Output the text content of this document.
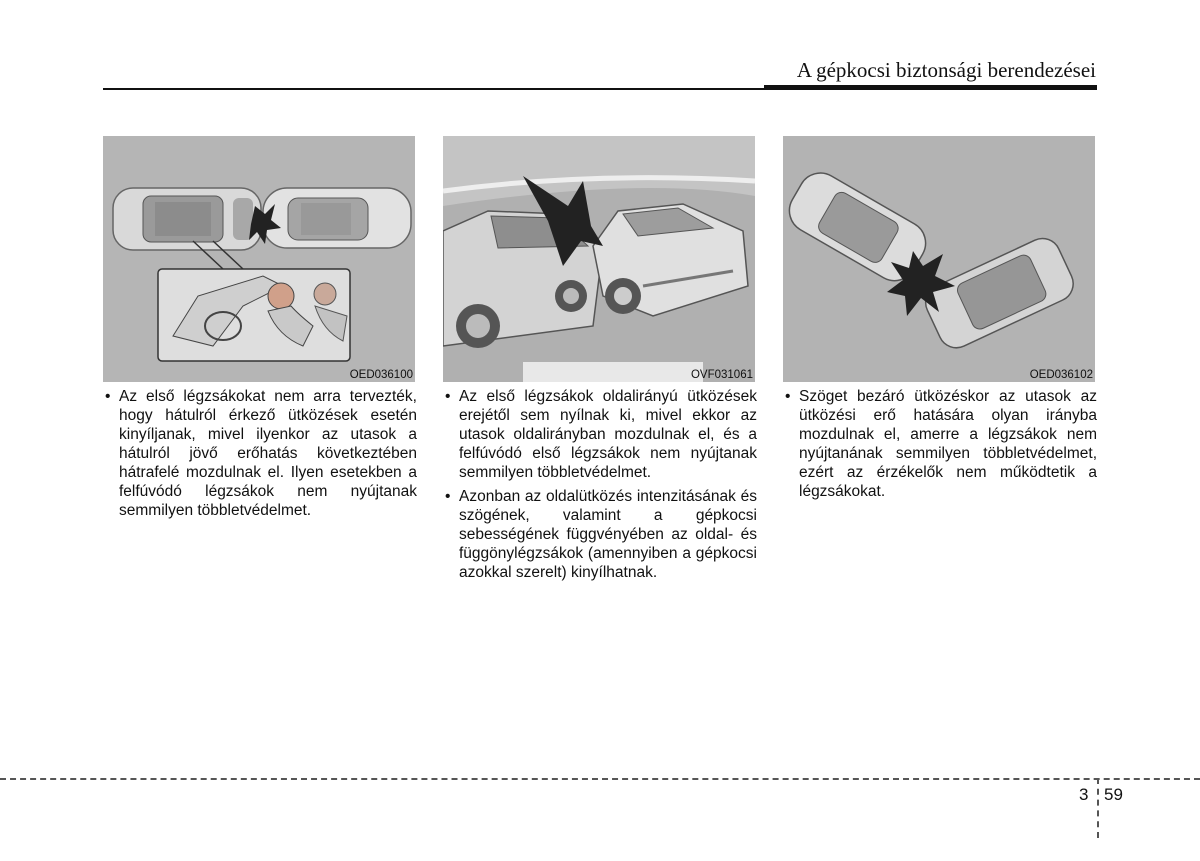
A gépkocsi biztonsági berendezései
OED036100	OVF031061	OED036102

• Az első légzsákokat nem arra tervezték, hogy hátulról érkező ütközések esetén kinyíljanak, mivel ilyenkor az utasok a hátulról jövő erőhatás következtében hátrafelé mozdulnak el. Ilyen esetekben a felfúvódó légzsákok nem nyújtanak semmilyen többletvédelmet.

• Az első légzsákok oldalirányú ütközések erejétől sem nyílnak ki, mivel ekkor az utasok oldalirányban mozdulnak el, és a felfúvódó első légzsákok nem nyújtanak semmilyen többletvédelmet.

• Azonban az oldalütközés intenzitásának és szögének, valamint a gépkocsi sebességének függvényében az oldal- és függönylégzsákok (amennyiben a gépkocsi azokkal szerelt) kinyílhatnak.

• Szöget bezáró ütközéskor az utasok az ütközési erő hatására olyan irányba mozdulnak el, amerre a légzsákok nem nyújtanának semmilyen többletvédelmet, ezért az érzékelők nem működtetik a légzsákokat.

3 59
